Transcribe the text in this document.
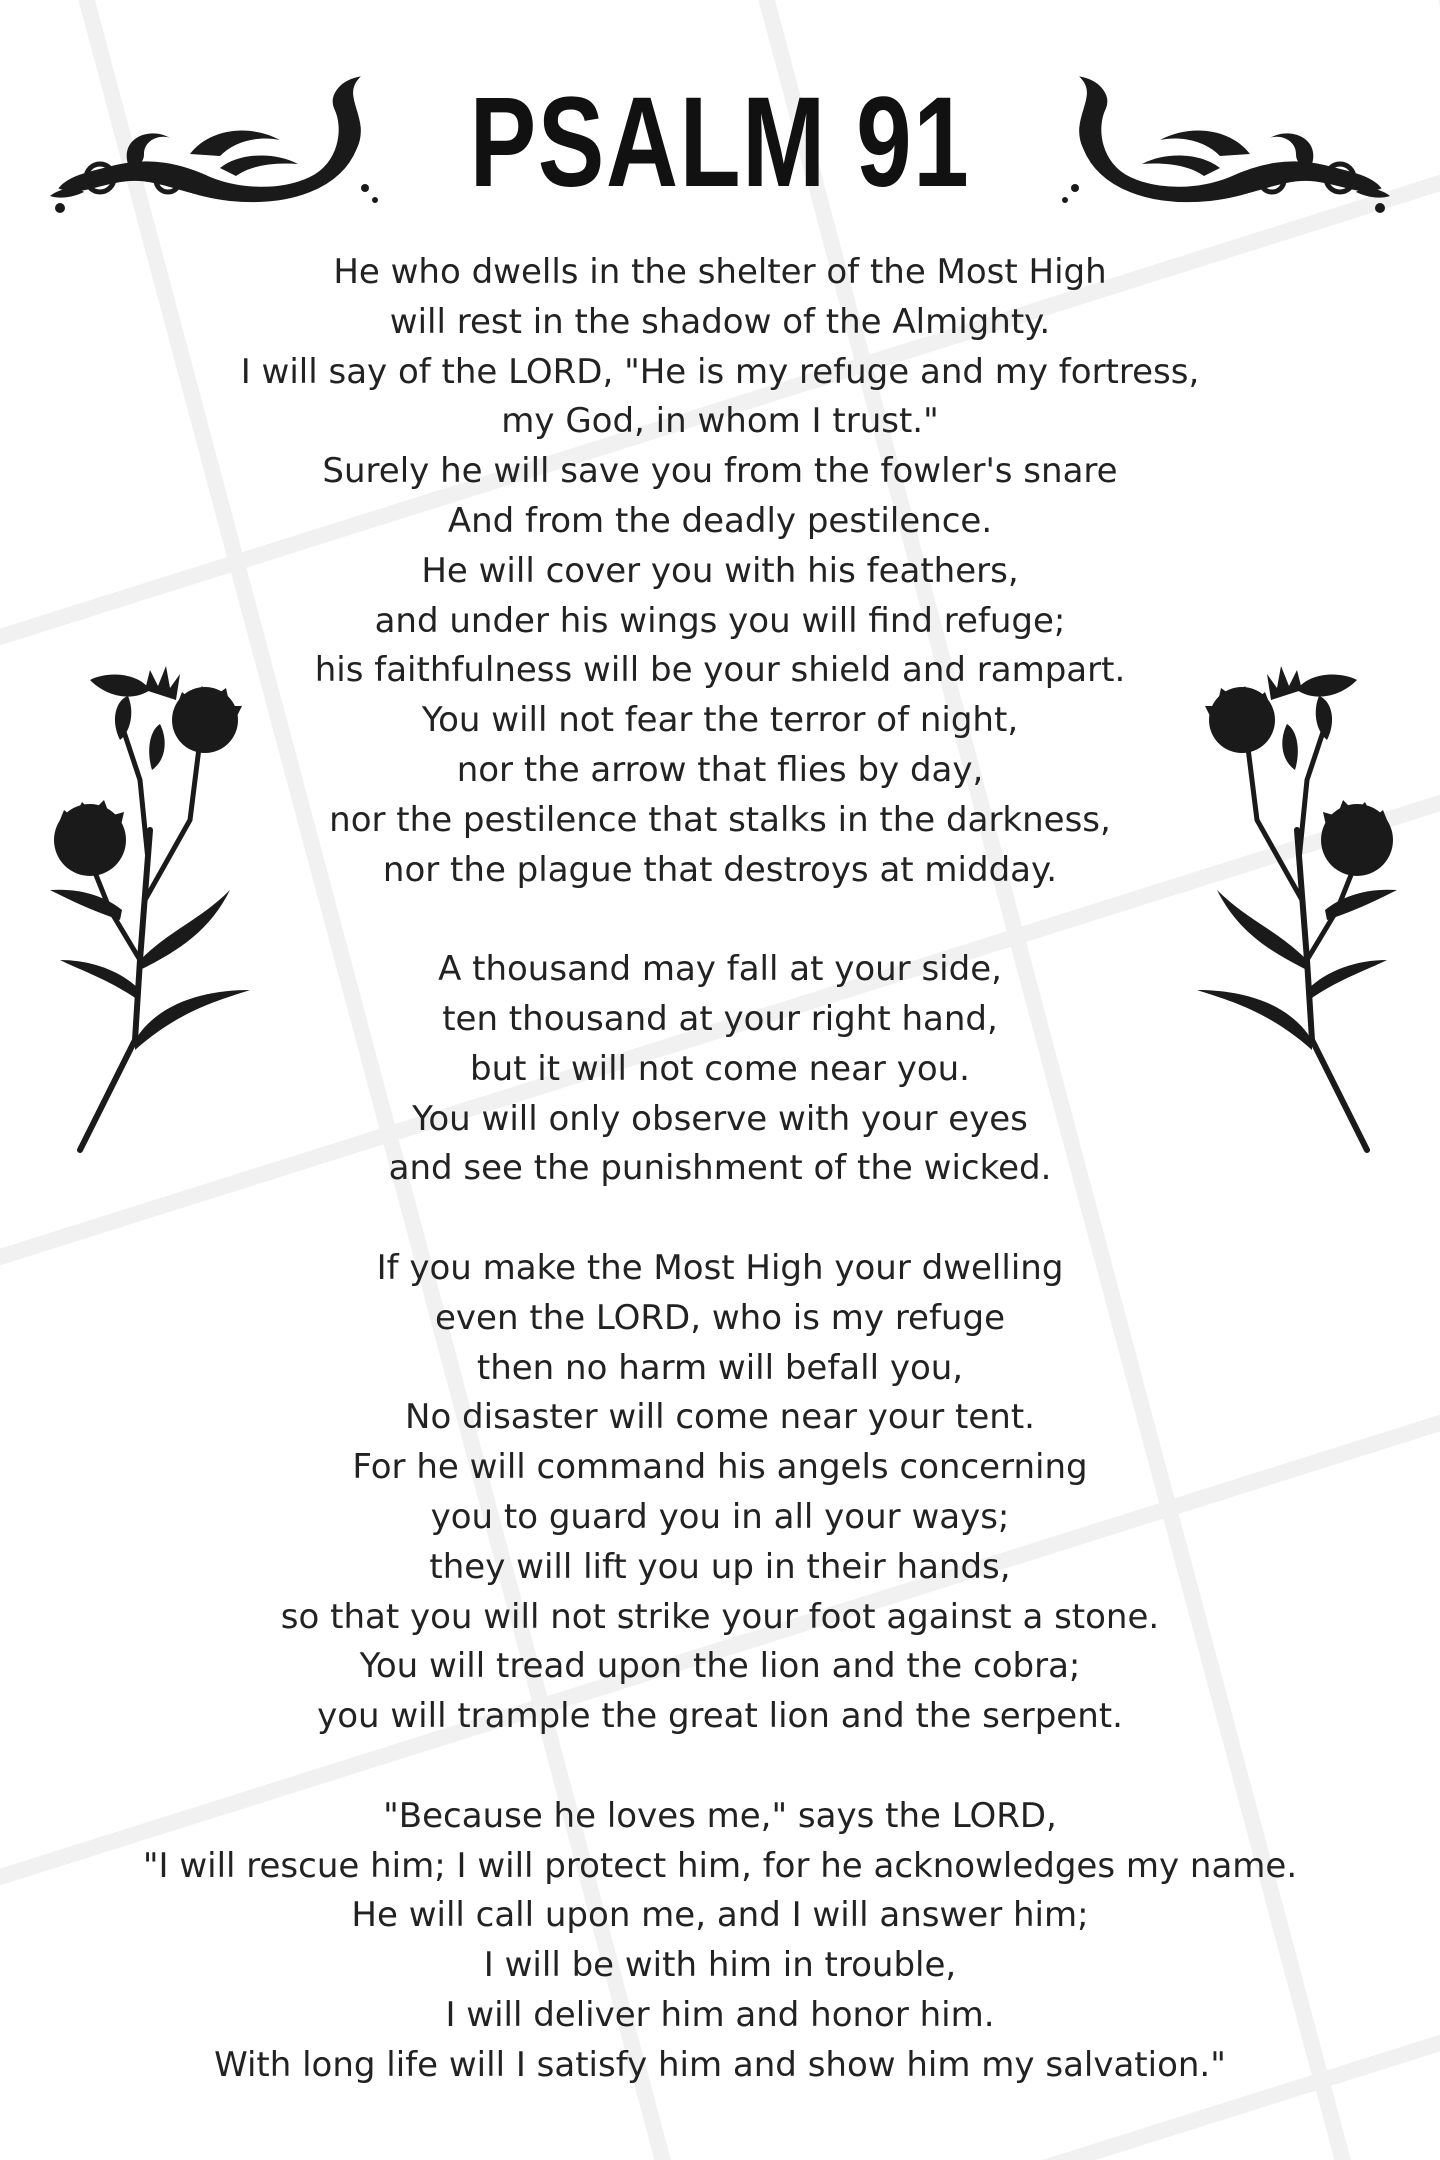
PSALM 91
He who dwells in the shelter of the Most High
will rest in the shadow of the Almighty.
I will say of the LORD, "He is my refuge and my fortress,
my God, in whom I trust."
Surely he will save you from the fowler's snare
And from the deadly pestilence.
He will cover you with his feathers,
and under his wings you will find refuge;
his faithfulness will be your shield and rampart.
You will not fear the terror of night,
nor the arrow that flies by day,
nor the pestilence that stalks in the darkness,
nor the plague that destroys at midday.
A thousand may fall at your side,
ten thousand at your right hand,
but it will not come near you.
You will only observe with your eyes
and see the punishment of the wicked.
If you make the Most High your dwelling
even the LORD, who is my refuge
then no harm will befall you,
No disaster will come near your tent.
For he will command his angels concerning
you to guard you in all your ways;
they will lift you up in their hands,
so that you will not strike your foot against a stone.
You will tread upon the lion and the cobra;
you will trample the great lion and the serpent.
"Because he loves me," says the LORD,
"I will rescue him; I will protect him, for he acknowledges my name.
He will call upon me, and I will answer him;
I will be with him in trouble,
I will deliver him and honor him.
With long life will I satisfy him and show him my salvation."
